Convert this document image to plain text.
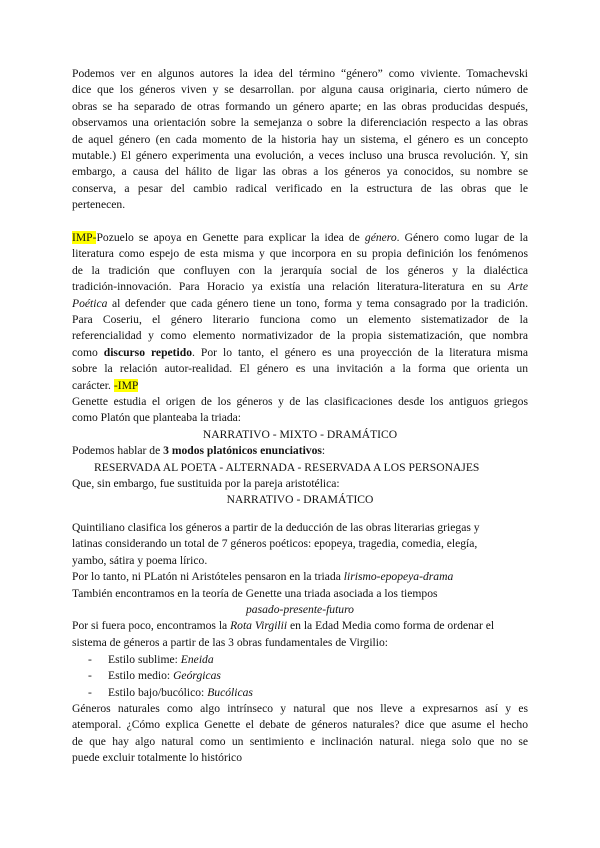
Podemos ver en algunos autores la idea del término “género” como viviente. Tomachevski
dice que los géneros viven y se desarrollan. por alguna causa originaria, cierto número de
obras se ha separado de otras formando un género aparte; en las obras producidas después,
observamos una orientación sobre la semejanza o sobre la diferenciación respecto a las obras
de aquel género (en cada momento de la historia hay un sistema, el género es un concepto
mutable.) El género experimenta una evolución, a veces incluso una brusca revolución. Y, sin
embargo, a causa del hálito de ligar las obras a los géneros ya conocidos, su nombre se
conserva, a pesar del cambio radical verificado en la estructura de las obras que le
pertenecen.
IMP-Pozuelo se apoya en Genette para explicar la idea de género. Género como lugar de la
literatura como espejo de esta misma y que incorpora en su propia definición los fenómenos
de la tradición que confluyen con la jerarquía social de los géneros y la dialéctica
tradición-innovación. Para Horacio ya existía una relación literatura-literatura en su Arte
Poética al defender que cada género tiene un tono, forma y tema consagrado por la tradición.
Para Coseriu, el género literario funciona como un elemento sistematizador de la
referencialidad y como elemento normativizador de la propia sistematización, que nombra
como discurso repetido. Por lo tanto, el género es una proyección de la literatura misma
sobre la relación autor-realidad. El género es una invitación a la forma que orienta un
carácter. -IMP
Genette estudia el origen de los géneros y de las clasificaciones desde los antiguos griegos
como Platón que planteaba la triada:
NARRATIVO - MIXTO - DRAMÁTICO
Podemos hablar de 3 modos platónicos enunciativos:
RESERVADA AL POETA - ALTERNADA - RESERVADA A LOS PERSONAJES
Que, sin embargo, fue sustituida por la pareja aristotélica:
NARRATIVO - DRAMÁTICO
Quintiliano clasifica los géneros a partir de la deducción de las obras literarias griegas y
latinas considerando un total de 7 géneros poéticos: epopeya, tragedia, comedia, elegía,
yambo, sátira y poema lírico.
Por lo tanto, ni PLatón ni Aristóteles pensaron en la triada lirismo-epopeya-drama
También encontramos en la teoría de Genette una triada asociada a los tiempos
pasado-presente-futuro
Por si fuera poco, encontramos la Rota Virgilii en la Edad Media como forma de ordenar el
sistema de géneros a partir de las 3 obras fundamentales de Virgilio:
- Estilo sublime: Eneida
- Estilo medio: Geórgicas
- Estilo bajo/bucólico: Bucólicas
Géneros naturales como algo intrínseco y natural que nos lleve a expresarnos así y es
atemporal. ¿Cómo explica Genette el debate de géneros naturales? dice que asume el hecho
de que hay algo natural como un sentimiento e inclinación natural. niega solo que no se
puede excluir totalmente lo histórico
